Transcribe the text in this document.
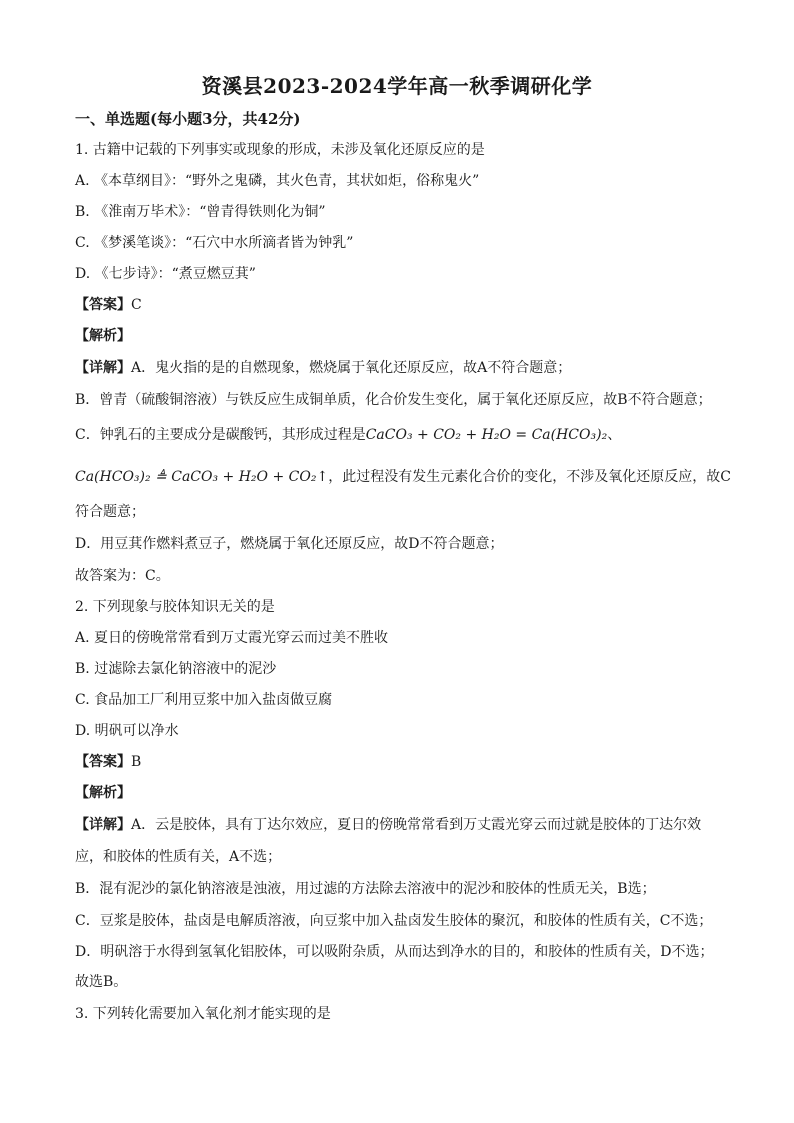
资溪县2023-2024学年高一秋季调研化学
一、单选题(每小题3分，共42分)
1. 古籍中记载的下列事实或现象的形成，未涉及氧化还原反应的是
A. 《本草纲目》：“野外之鬼磷，其火色青，其状如炬，俗称鬼火”
B. 《淮南万毕术》：“曾青得铁则化为铜”
C. 《梦溪笔谈》：“石穴中水所滴者皆为钟乳”
D. 《七步诗》：“煮豆燃豆萁”
【答案】C
【解析】
【详解】A．鬼火指的是的自燃现象，燃烧属于氧化还原反应，故A不符合题意；
B．曾青（硫酸铜溶液）与铁反应生成铜单质，化合价发生变化，属于氧化还原反应，故B不符合题意；
C．钟乳石的主要成分是碳酸钙，其形成过程是CaCO₃ + CO₂ + H₂O = Ca(HCO₃)₂、
Ca(HCO₃)₂ ≜ CaCO₃ + H₂O + CO₂↑，此过程没有发生元素化合价的变化，不涉及氧化还原反应，故C
符合题意；
D．用豆萁作燃料煮豆子，燃烧属于氧化还原反应，故D不符合题意；
故答案为：C。
2. 下列现象与胶体知识无关的是
A. 夏日的傍晚常常看到万丈霞光穿云而过美不胜收
B. 过滤除去氯化钠溶液中的泥沙
C. 食品加工厂利用豆浆中加入盐卤做豆腐
D. 明矾可以净水
【答案】B
【解析】
【详解】A．云是胶体，具有丁达尔效应，夏日的傍晚常常看到万丈霞光穿云而过就是胶体的丁达尔效
应，和胶体的性质有关，A不选；
B．混有泥沙的氯化钠溶液是浊液，用过滤的方法除去溶液中的泥沙和胶体的性质无关，B选；
C．豆浆是胶体，盐卤是电解质溶液，向豆浆中加入盐卤发生胶体的聚沉，和胶体的性质有关，C不选；
D．明矾溶于水得到氢氧化铝胶体，可以吸附杂质，从而达到净水的目的，和胶体的性质有关，D不选；
故选B。
3. 下列转化需要加入氧化剂才能实现的是
